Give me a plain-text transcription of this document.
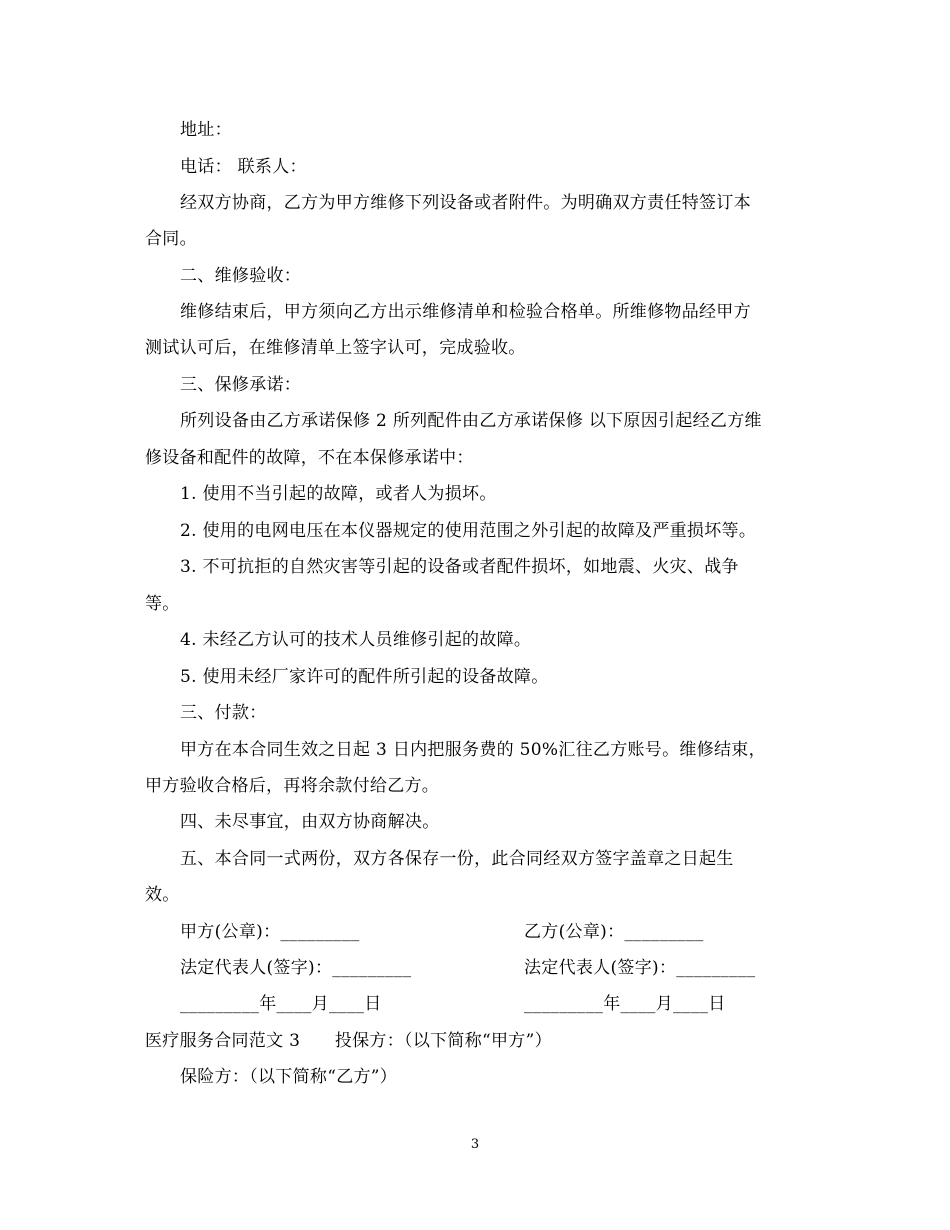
地址：
电话： 联系人：
经双方协商，乙方为甲方维修下列设备或者附件。为明确双方责任特签订本
合同。
二、维修验收：
维修结束后，甲方须向乙方出示维修清单和检验合格单。所维修物品经甲方
测试认可后，在维修清单上签字认可，完成验收。
三、保修承诺：
所列设备由乙方承诺保修 2 所列配件由乙方承诺保修 以下原因引起经乙方维
修设备和配件的故障，不在本保修承诺中：
1. 使用不当引起的故障，或者人为损坏。
2. 使用的电网电压在本仪器规定的使用范围之外引起的故障及严重损坏等。
3. 不可抗拒的自然灾害等引起的设备或者配件损坏，如地震、火灾、战争
等。
4. 未经乙方认可的技术人员维修引起的故障。
5. 使用未经厂家许可的配件所引起的设备故障。
三、付款：
甲方在本合同生效之日起 3 日内把服务费的 50%汇往乙方账号。维修结束，
甲方验收合格后，再将余款付给乙方。
四、未尽事宜，由双方协商解决。
五、本合同一式两份，双方各保存一份，此合同经双方签字盖章之日起生
效。
甲方(公章)：_________	乙方(公章)：_________
法定代表人(签字)：_________	法定代表人(签字)：_________
_________年____月____日	_________年____月____日
医疗服务合同范文 3　　投保方：（以下简称“甲方”）
保险方：（以下简称“乙方”）
3
